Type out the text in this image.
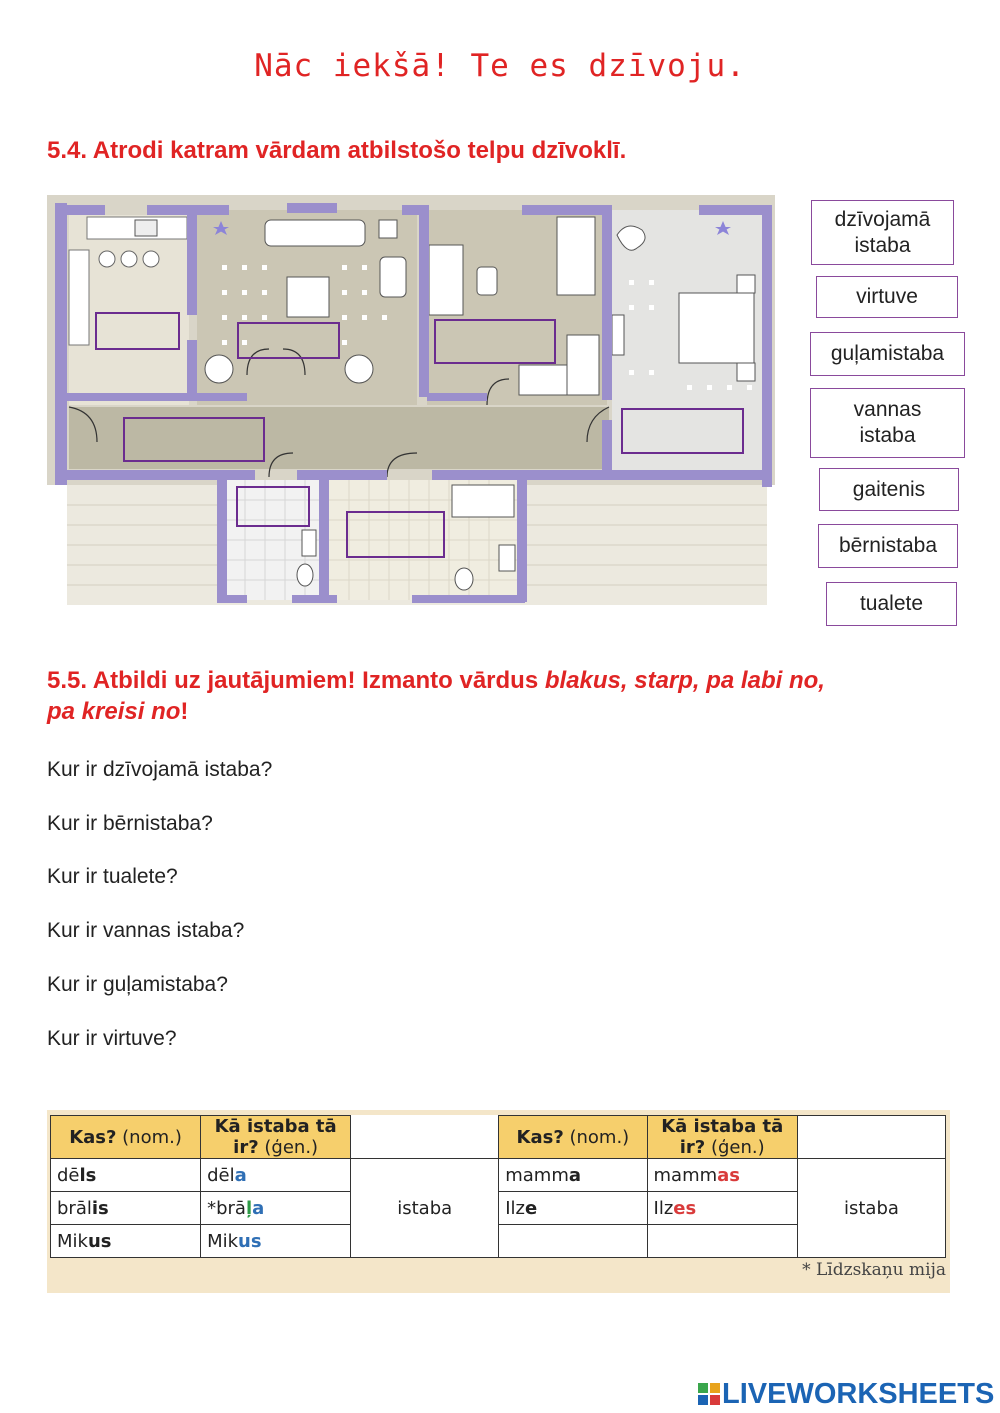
Nāc iekšā! Te es dzīvoju.
5.4. Atrodi katram vārdam atbilstošo telpu dzīvoklī.
dzīvojamā
istaba
virtuve
guļamistaba
vannas
istaba
gaitenis
bērnistaba
tualete
5.5. Atbildi uz jautājumiem! Izmanto vārdus blakus, starp, pa labi no,
pa kreisi no!
Kur ir dzīvojamā istaba?
Kur ir bērnistaba?
Kur ir tualete?
Kur ir vannas istaba?
Kur ir guļamistaba?
Kur ir virtuve?
Kas? (nom.)	Kā istaba tā ir? (ģen.)		Kas? (nom.)	Kā istaba tā ir? (ģen.)	
dēls	dēla	istaba	mamma	mammas	istaba
brālis	*brāļa		Ilze	Ilzes	
Mikus	Mikus				
* Līdzskaņu mija
LIVEWORKSHEETS
